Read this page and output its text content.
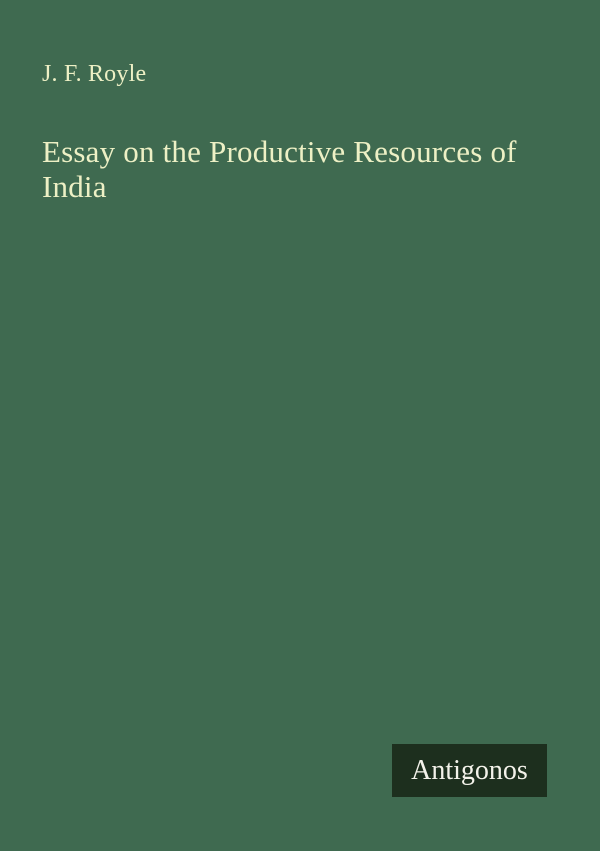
J. F. Royle
Essay on the Productive Resources of India
Antigonos
